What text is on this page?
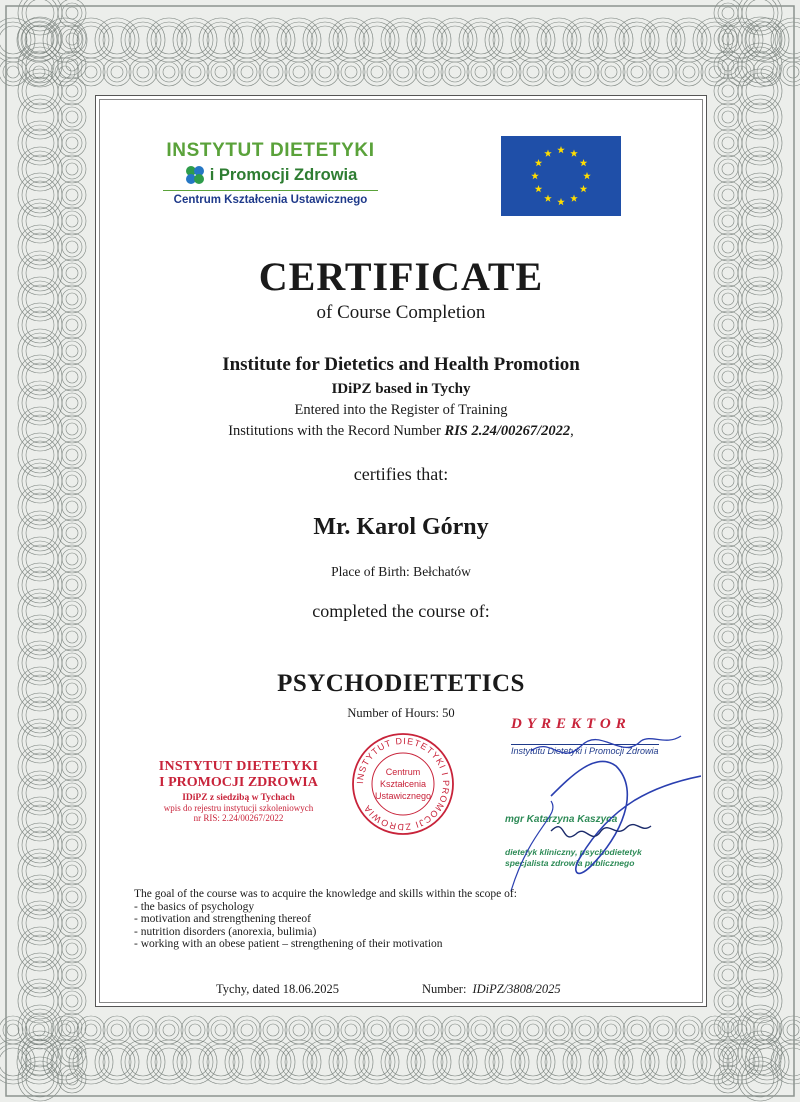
INSTYTUT DIETETYKI
i Promocji Zdrowia
Centrum Kształcenia Ustawicznego
CERTIFICATE
of Course Completion
Institute for Dietetics and Health Promotion
IDiPZ based in Tychy
Entered into the Register of Training
Institutions with the Record Number RIS 2.24/00267/2022,
certifies that:
Mr. Karol Górny
Place of Birth: Bełchatów
completed the course of:
PSYCHODIETETICS
Number of Hours: 50
INSTYTUT DIETETYKI
I PROMOCJI ZDROWIA
IDiPZ z siedzibą w Tychach
wpis do rejestru instytucji szkoleniowych
nr RIS: 2.24/00267/2022
INSTYTUT DIETETYKI I PROMOCJI ZDROWIA
Centrum
Kształcenia
Ustawicznego
DYREKTOR
Instytutu Dietetyki i Promocji Zdrowia
mgr Katarzyna Kaszyca
dietetyk kliniczny, psychodietetyk
specjalista zdrowia publicznego
The goal of the course was to acquire the knowledge and skills within the scope of:
- the basics of psychology
- motivation and strengthening thereof
- nutrition disorders (anorexia, bulimia)
- working with an obese patient – strengthening of their motivation
Tychy, dated 18.06.2025	Number: IDiPZ/3808/2025
